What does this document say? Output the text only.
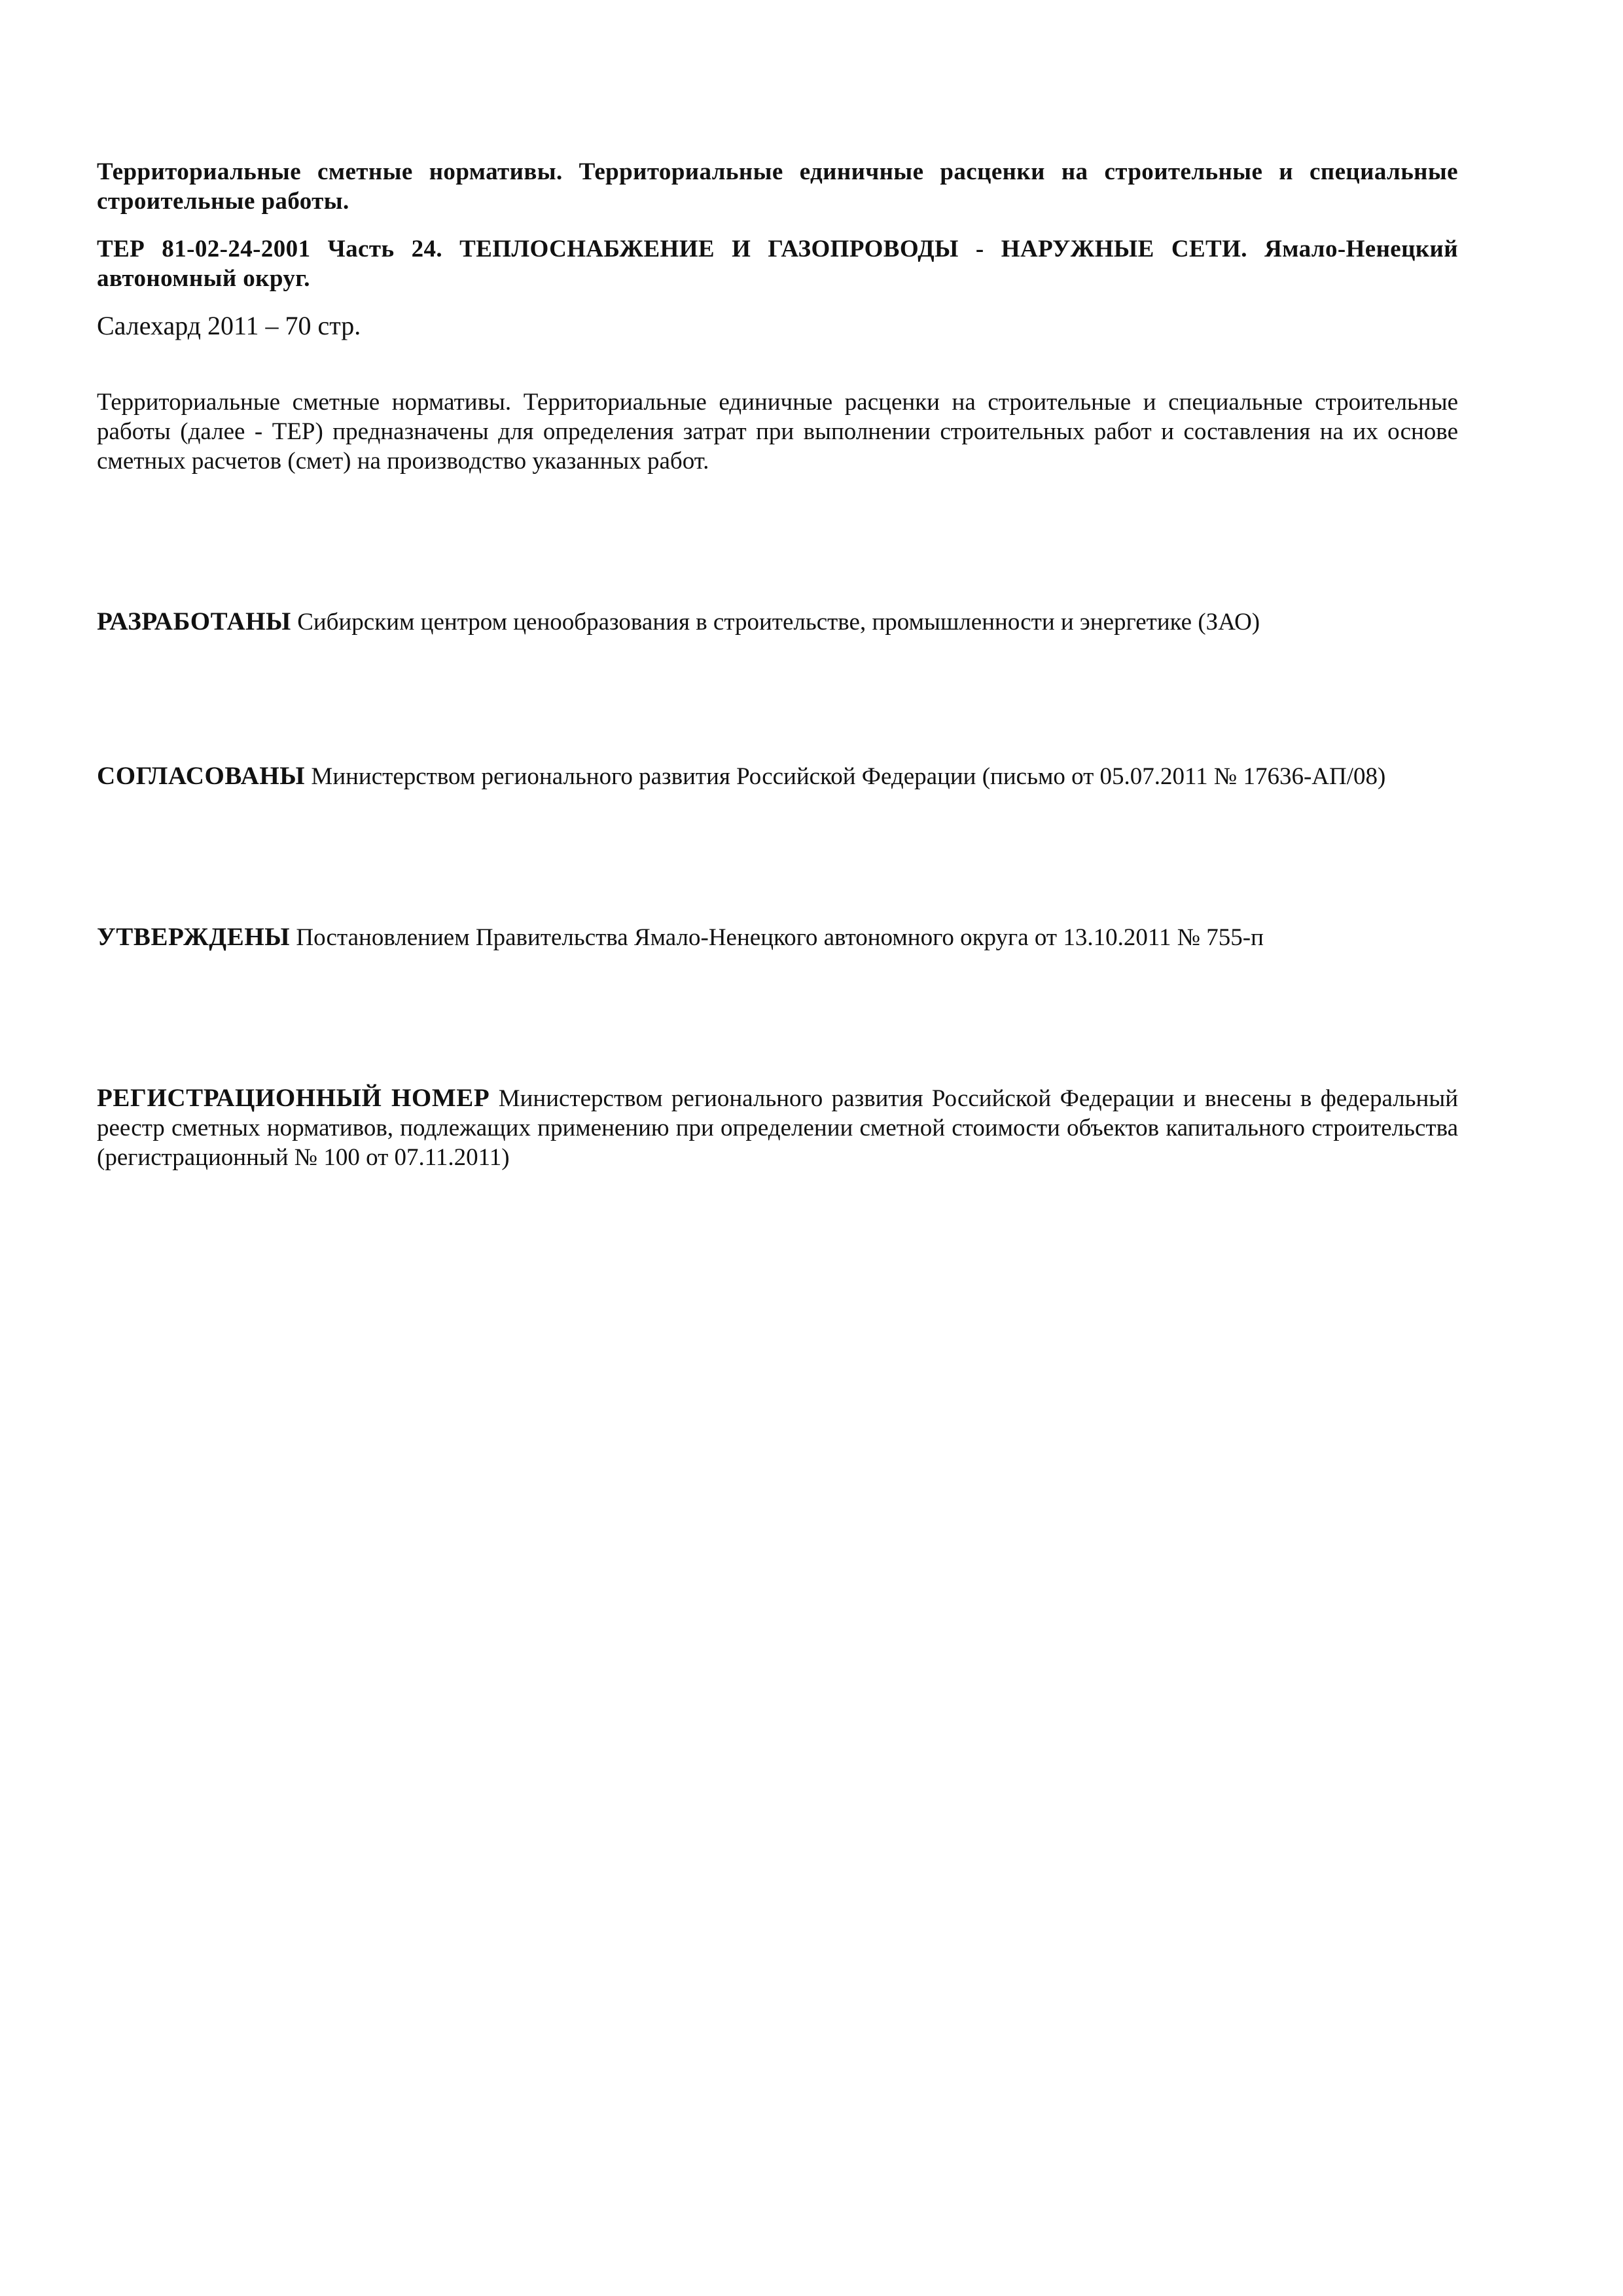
Территориальные сметные нормативы. Территориальные единичные расценки на строительные и специальные строительные работы.

ТЕР 81-02-24-2001 Часть 24. ТЕПЛОСНАБЖЕНИЕ И ГАЗОПРОВОДЫ - НАРУЖНЫЕ СЕТИ. Ямало-Ненецкий автономный округ.

Салехард 2011 – 70 стр.

Территориальные сметные нормативы. Территориальные единичные расценки на строительные и специальные строительные работы (далее - ТЕР) предназначены для определения затрат при выполнении строительных работ и составления на их основе сметных расчетов (смет) на производство указанных работ.

РАЗРАБОТАНЫ Сибирским центром ценообразования в строительстве, промышленности и энергетике (ЗАО)

СОГЛАСОВАНЫ Министерством регионального развития Российской Федерации (письмо от 05.07.2011 № 17636-АП/08)

УТВЕРЖДЕНЫ Постановлением Правительства Ямало-Ненецкого автономного округа от 13.10.2011 № 755-п

РЕГИСТРАЦИОННЫЙ НОМЕР Министерством регионального развития Российской Федерации и внесены в федеральный реестр сметных нормативов, подлежащих применению при определении сметной стоимости объектов капитального строительства (регистрационный № 100 от 07.11.2011)
